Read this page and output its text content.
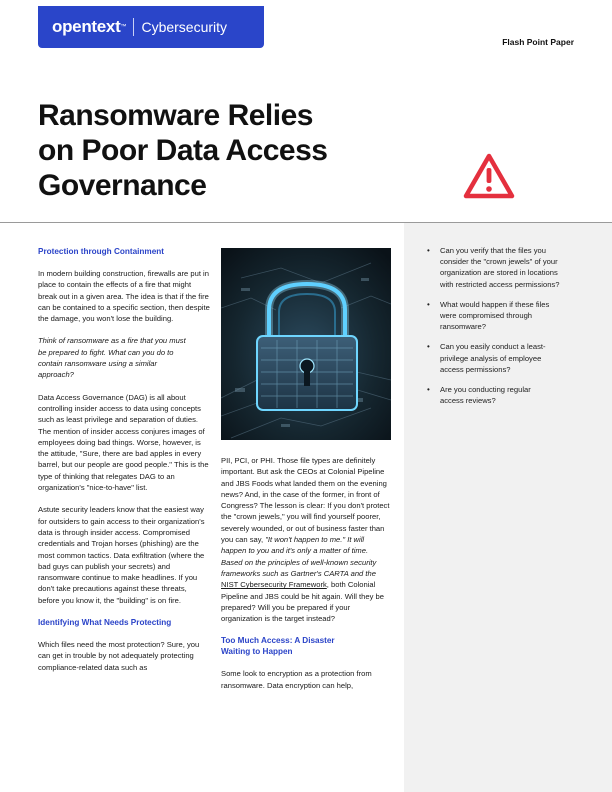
opentext ™ Cybersecurity
Flash Point Paper
Ransomware Relies
on Poor Data Access
Governance
• Can you verify that the files you consider the "crown jewels" of your organization are stored in locations with restricted access permissions?
• What would happen if these files were compromised through ransomware?
• Can you easily conduct a least-privilege analysis of employee access permissions?
• Are you conducting regular access reviews?

Protection through Containment

In modern building construction, firewalls are put in place to contain the effects of a fire that might break out in a given area. The idea is that if the fire can be contained to a specific section, then despite the damage, you won't lose the building.

Think of ransomware as a fire that you must be prepared to fight. What can you do to contain ransomware using a similar approach?

Data Access Governance (DAG) is all about controlling insider access to data using concepts such as least privilege and separation of duties. The mention of insider access conjures images of employees doing bad things. Worse, however, is the attitude, "Sure, there are bad apples in every barrel, but our people are good people." This is the type of thinking that relegates DAG to an organization's "nice-to-have" list.

Astute security leaders know that the easiest way for outsiders to gain access to their organization's data is through insider access. Compromised credentials and Trojan horses (phishing) are the most common tactics. Data exfiltration (where the bad guys can publish your secrets) and ransomware continue to make headlines. If you don't take precautions against these threats, before you know it, the "building" is on fire.

Identifying What Needs Protecting

Which files need the most protection? Sure, you can get in trouble by not adequately protecting compliance-related data such as

PII, PCI, or PHI. Those file types are definitely important. But ask the CEOs at Colonial Pipeline and JBS Foods what landed them on the evening news? And, in the case of the former, in front of Congress? The lesson is clear: If you don't protect the "crown jewels," you will find yourself poorer, severely wounded, or out of business faster than you can say, "It won't happen to me." It will happen to you and it's only a matter of time. Based on the principles of well-known security frameworks such as Gartner's CARTA and the NIST Cybersecurity Framework, both Colonial Pipeline and JBS could be hit again. Will they be prepared? Will you be prepared if your organization is the target instead?

Too Much Access: A Disaster Waiting to Happen

Some look to encryption as a protection from ransomware. Data encryption can help,
